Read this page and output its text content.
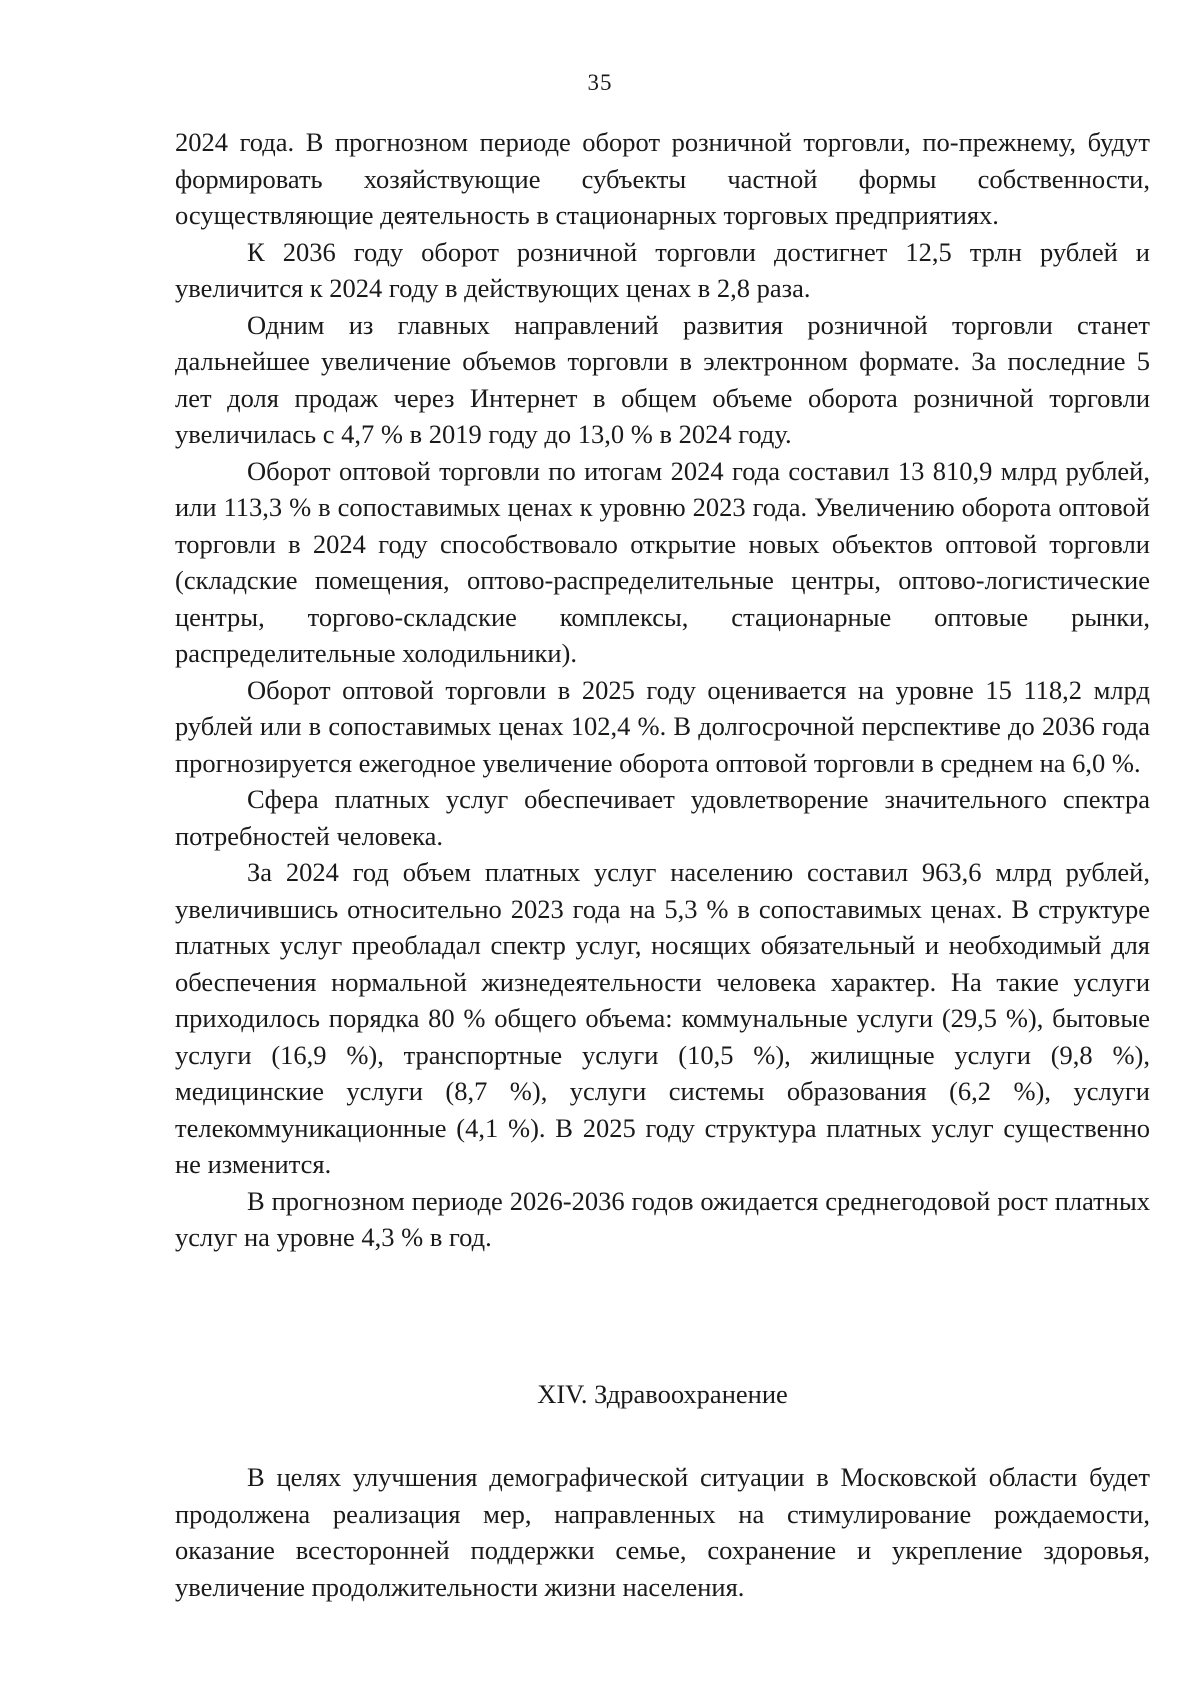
35

2024 года. В прогнозном периоде оборот розничной торговли, по-прежнему, будут формировать хозяйствующие субъекты частной формы собственности, осуществляющие деятельность в стационарных торговых предприятиях.

К 2036 году оборот розничной торговли достигнет 12,5 трлн рублей и увеличится к 2024 году в действующих ценах в 2,8 раза.

Одним из главных направлений развития розничной торговли станет дальнейшее увеличение объемов торговли в электронном формате. За последние 5 лет доля продаж через Интернет в общем объеме оборота розничной торговли увеличилась с 4,7 % в 2019 году до 13,0 % в 2024 году.

Оборот оптовой торговли по итогам 2024 года составил 13 810,9 млрд рублей, или 113,3 % в сопоставимых ценах к уровню 2023 года. Увеличению оборота оптовой торговли в 2024 году способствовало открытие новых объектов оптовой торговли (складские помещения, оптово-распределительные центры, оптово-логистические центры, торгово-складские комплексы, стационарные оптовые рынки, распределительные холодильники).

Оборот оптовой торговли в 2025 году оценивается на уровне 15 118,2 млрд рублей или в сопоставимых ценах 102,4 %. В долгосрочной перспективе до 2036 года прогнозируется ежегодное увеличение оборота оптовой торговли в среднем на 6,0 %.

Сфера платных услуг обеспечивает удовлетворение значительного спектра потребностей человека.

За 2024 год объем платных услуг населению составил 963,6 млрд рублей, увеличившись относительно 2023 года на 5,3 % в сопоставимых ценах. В структуре платных услуг преобладал спектр услуг, носящих обязательный и необходимый для обеспечения нормальной жизнедеятельности человека характер. На такие услуги приходилось порядка 80 % общего объема: коммунальные услуги (29,5 %), бытовые услуги (16,9 %), транспортные услуги (10,5 %), жилищные услуги (9,8 %), медицинские услуги (8,7 %), услуги системы образования (6,2 %), услуги телекоммуникационные (4,1 %). В 2025 году структура платных услуг существенно не изменится.

В прогнозном периоде 2026-2036 годов ожидается среднегодовой рост платных услуг на уровне 4,3 % в год.

XIV. Здравоохранение

В целях улучшения демографической ситуации в Московской области будет продолжена реализация мер, направленных на стимулирование рождаемости, оказание всесторонней поддержки семье, сохранение и укрепление здоровья, увеличение продолжительности жизни населения.
